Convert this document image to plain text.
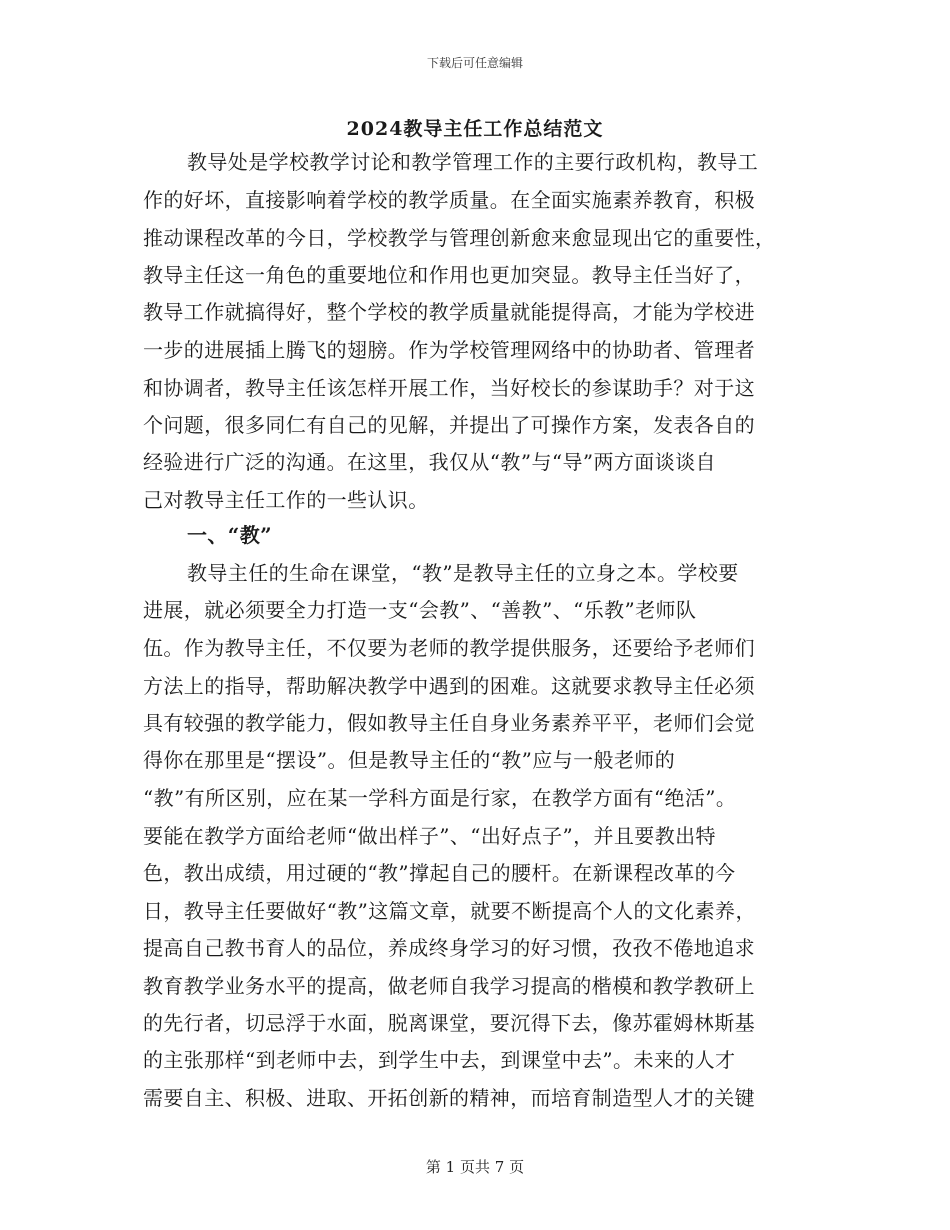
下载后可任意编辑
2024教导主任工作总结范文
教导处是学校教学讨论和教学管理工作的主要行政机构，教导工
作的好坏，直接影响着学校的教学质量。在全面实施素养教育，积极
推动课程改革的今日，学校教学与管理创新愈来愈显现出它的重要性，
教导主任这一角色的重要地位和作用也更加突显。教导主任当好了，
教导工作就搞得好，整个学校的教学质量就能提得高，才能为学校进
一步的进展插上腾飞的翅膀。作为学校管理网络中的协助者、管理者
和协调者，教导主任该怎样开展工作，当好校长的参谋助手？对于这
个问题，很多同仁有自己的见解，并提出了可操作方案，发表各自的
经验进行广泛的沟通。在这里，我仅从“教”与“导”两方面谈谈自
己对教导主任工作的一些认识。
一、“教”
教导主任的生命在课堂，“教”是教导主任的立身之本。学校要
进展，就必须要全力打造一支“会教”、“善教”、“乐教”老师队
伍。作为教导主任，不仅要为老师的教学提供服务，还要给予老师们
方法上的指导，帮助解决教学中遇到的困难。这就要求教导主任必须
具有较强的教学能力，假如教导主任自身业务素养平平，老师们会觉
得你在那里是“摆设”。但是教导主任的“教”应与一般老师的
“教”有所区别，应在某一学科方面是行家，在教学方面有“绝活”。
要能在教学方面给老师“做出样子”、“出好点子”，并且要教出特
色，教出成绩，用过硬的“教”撑起自己的腰杆。在新课程改革的今
日，教导主任要做好“教”这篇文章，就要不断提高个人的文化素养，
提高自己教书育人的品位，养成终身学习的好习惯，孜孜不倦地追求
教育教学业务水平的提高，做老师自我学习提高的楷模和教学教研上
的先行者，切忌浮于水面，脱离课堂，要沉得下去，像苏霍姆林斯基
的主张那样“到老师中去，到学生中去，到课堂中去”。未来的人才
需要自主、积极、进取、开拓创新的精神，而培育制造型人才的关键
第 1 页共 7 页
